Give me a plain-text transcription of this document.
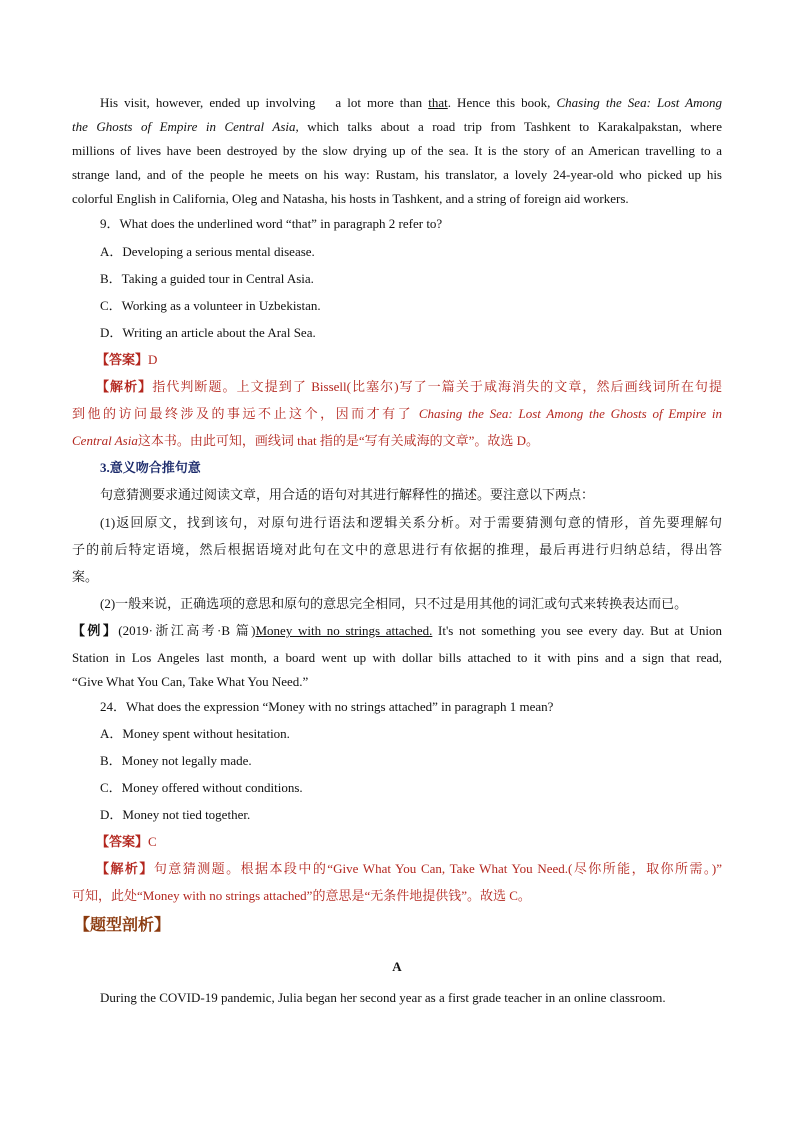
His visit, however, ended up involving a lot more than that. Hence this book, Chasing the Sea: Lost Among
the Ghosts of Empire in Central Asia, which talks about a road trip from Tashkent to Karakalpakstan, where
millions of lives have been destroyed by the slow drying up of the sea. It is the story of an American travelling to a
strange land, and of the people he meets on his way: Rustam, his translator, a lovely 24-year-old who picked up his
colorful English in California, Oleg and Natasha, his hosts in Tashkent, and a string of foreign aid workers.
9．What does the underlined word “that” in paragraph 2 refer to?
A．Developing a serious mental disease.
B．Taking a guided tour in Central Asia.
C．Working as a volunteer in Uzbekistan.
D．Writing an article about the Aral Sea.
【答案】D
【解析】指代判断题。上文提到了 Bissell(比塞尔)写了一篇关于咸海消失的文章，然后画线词所在句提
到他的访问最终涉及的事远不止这个，因而才有了 Chasing the Sea: Lost Among the Ghosts of Empire in
Central Asia这本书。由此可知，画线词 that 指的是“写有关咸海的文章”。故选 D。
3.意义吻合推句意
句意猜测要求通过阅读文章，用合适的语句对其进行解释性的描述。要注意以下两点：
(1)返回原文，找到该句，对原句进行语法和逻辑关系分析。对于需要猜测句意的情形，首先要理解句
子的前后特定语境，然后根据语境对此句在文中的意思进行有依据的推理，最后再进行归纳总结，得出答
案。
(2)一般来说，正确选项的意思和原句的意思完全相同，只不过是用其他的词汇或句式来转换表达而已。
【例】(2019·浙江高考·B 篇)Money with no strings attached. It's not something you see every day. But at Union
Station in Los Angeles last month, a board went up with dollar bills attached to it with pins and a sign that read,
“Give What You Can, Take What You Need.”
24．What does the expression “Money with no strings attached” in paragraph 1 mean?
A．Money spent without hesitation.
B．Money not legally made.
C．Money offered without conditions.
D．Money not tied together.
【答案】C
【解析】句意猜测题。根据本段中的“Give What You Can, Take What You Need.(尽你所能，取你所需。)”
可知，此处“Money with no strings attached”的意思是“无条件地提供钱”。故选 C。
【题型剖析】
A
During the COVID-19 pandemic, Julia began her second year as a first grade teacher in an online classroom.
